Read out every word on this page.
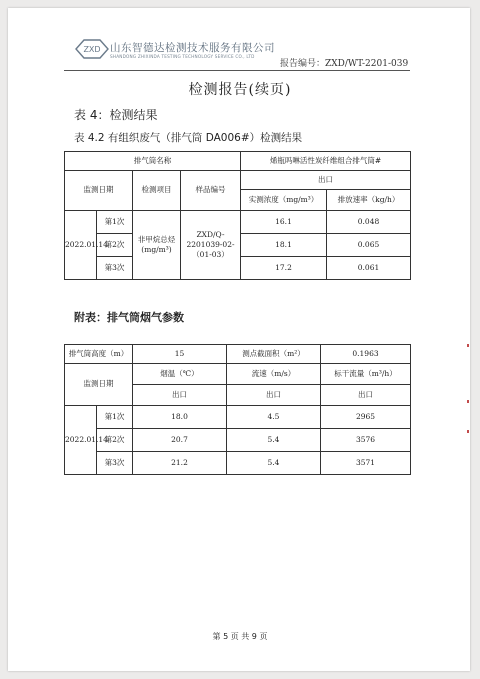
ZXD 山东智德达检测技术服务有限公司
SHANDONG ZHIXINDA TESTING TECHNOLOGY SERVICE CO., LTD
报告编号：ZXD/WT-2201-039
检测报告(续页)
表 4：检测结果
表 4.2 有组织废气（排气筒 DA006#）检测结果
排气筒名称				烯瓶吗啉活性炭纤维组合排气筒#	
监测日期		检测项目	样品编号	出口	
				实测浓度（mg/m³）	排放速率（kg/h）
2022.01.14	第1次	非甲烷总烃(mg/m³)	ZXD/Q-2201039-02-（01-03）	16.1	0.048
	第2次			18.1	0.065
	第3次			17.2	0.061
附表：排气筒烟气参数
排气筒高度（m）		15	测点截面积（m²）	0.1963
监测日期		烟温（℃）	流速（m/s）	标干流量（m³/h）
		出口	出口	出口
2022.01.14	第1次	18.0	4.5	2965
	第2次	20.7	5.4	3576
	第3次	21.2	5.4	3571
第 5 页 共 9 页
